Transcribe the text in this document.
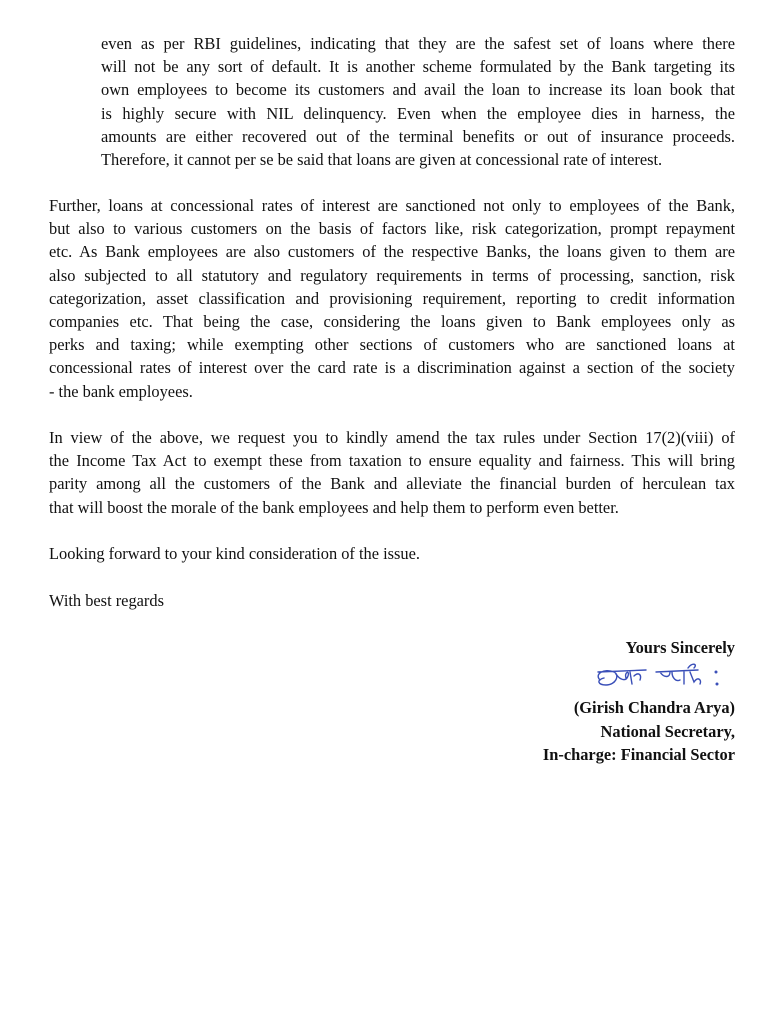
even as per RBI guidelines, indicating that they are the safest set of loans where there
will not be any sort of default. It is another scheme formulated by the Bank targeting its
own employees to become its customers and avail the loan to increase its loan book that
is highly secure with NIL delinquency. Even when the employee dies in harness, the
amounts are either recovered out of the terminal benefits or out of insurance proceeds.
Therefore, it cannot per se be said that loans are given at concessional rate of interest.
Further, loans at concessional rates of interest are sanctioned not only to employees of the Bank,
but also to various customers on the basis of factors like, risk categorization, prompt repayment
etc. As Bank employees are also customers of the respective Banks, the loans given to them are
also subjected to all statutory and regulatory requirements in terms of processing, sanction, risk
categorization, asset classification and provisioning requirement, reporting to credit information
companies etc. That being the case, considering the loans given to Bank employees only as
perks and taxing; while exempting other sections of customers who are sanctioned loans at
concessional rates of interest over the card rate is a discrimination against a section of the society
- the bank employees.
In view of the above, we request you to kindly amend the tax rules under Section 17(2)(viii) of
the Income Tax Act to exempt these from taxation to ensure equality and fairness. This will bring
parity among all the customers of the Bank and alleviate the financial burden of herculean tax
that will boost the morale of the bank employees and help them to perform even better.
Looking forward to your kind consideration of the issue.
With best regards
Yours Sincerely
(Girish Chandra Arya)
National Secretary,
In-charge: Financial Sector
